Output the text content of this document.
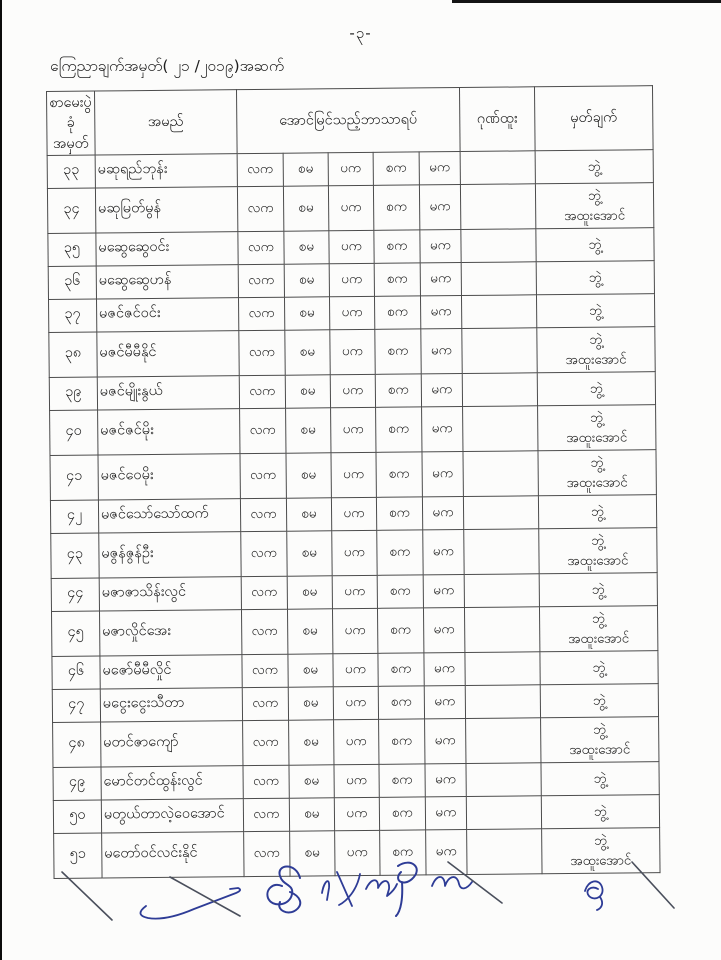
-၃-
ကြေညာချက်အမှတ်( ၂၁ /၂၀၁၉)အဆက်
စာမေးပွဲ
ခုံအမှတ်	အမည်	အောင်မြင်သည့်ဘာသာရပ်					ဂုဏ်ထူး	မှတ်ချက်
၃၃	မဆုရည်ဘုန်း	လက	စမ	ပက	စက	မက		ဘွဲ့
၃၄	မဆုမြတ်မွန်	လက	စမ	ပက	စက	မက		ဘွဲ့
အထူးအောင်

၃၅	မဆွေဆွေဝင်း	လက	စမ	ပက	စက	မက		ဘွဲ့
၃၆	မဆွေဆွေဟန်	လက	စမ	ပက	စက	မက		ဘွဲ့
၃၇	မဇင်ဇင်ဝင်း	လက	စမ	ပက	စက	မက		ဘွဲ့
၃၈	မဇင်မီမီနိုင်	လက	စမ	ပက	စက	မက		ဘွဲ့
အထူးအောင်

၃၉	မဇင်မျိုးနွယ်	လက	စမ	ပက	စက	မက		ဘွဲ့
၄၀	မဇင်ဇင်မိုး	လက	စမ	ပက	စက	မက		ဘွဲ့
အထူးအောင်

၄၁	မဇင်ဝေမိုး	လက	စမ	ပက	စက	မက		ဘွဲ့
အထူးအောင်

၄၂	မဇင်သော်သော်ထက်	လက	စမ	ပက	စက	မက		ဘွဲ့
၄၃	မဇွန်ဇွန်ဦး	လက	စမ	ပက	စက	မက		ဘွဲ့
အထူးအောင်

၄၄	မဇာဇာသိန်းလွင်	လက	စမ	ပက	စက	မက		ဘွဲ့
၄၅	မဇာလှိုင်အေး	လက	စမ	ပက	စက	မက		ဘွဲ့
အထူးအောင်

၄၆	မဇော်မီမီလှိုင်	လက	စမ	ပက	စက	မက		ဘွဲ့
၄၇	မငွေးငွေးသီတာ	လက	စမ	ပက	စက	မက		ဘွဲ့
၄၈	မတင်ဇာကျော်	လက	စမ	ပက	စက	မက		ဘွဲ့
အထူးအောင်

၄၉	မောင်တင်ထွန်းလွင်	လက	စမ	ပက	စက	မက		ဘွဲ့
၅၀	မတွယ်တာလဲ့ဝေအောင်	လက	စမ	ပက	စက	မက		ဘွဲ့
၅၁	မတော်ဝင်လင်းနိုင်	လက	စမ	ပက	စက	မက		ဘွဲ့
အထူးအောင်
